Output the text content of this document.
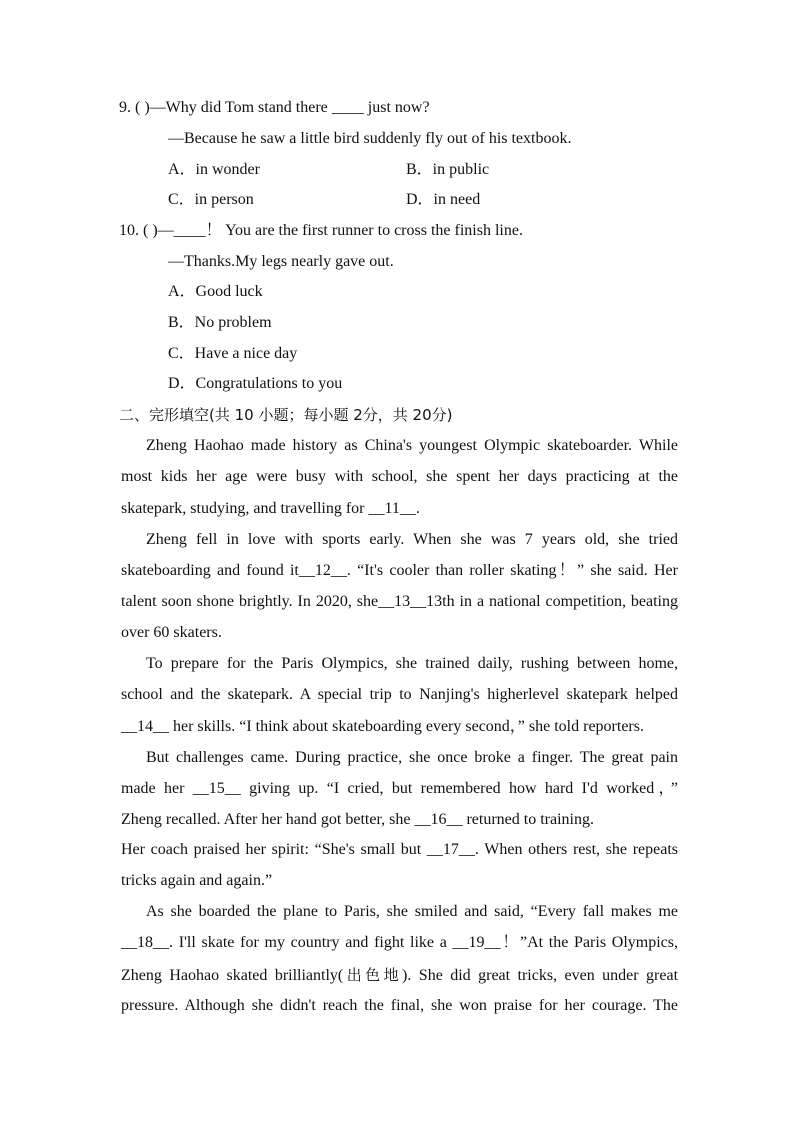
9. ( )—Why did Tom stand there ____ just now?
—Because he saw a little bird suddenly fly out of his textbook.
A．in wonder	B．in public
C．in person	D．in need
10. ( )—____！ You are the first runner to cross the finish line.
—Thanks.My legs nearly gave out.
A．Good luck
B．No problem
C．Have a nice day
D．Congratulations to you
二、完形填空(共 10 小题；每小题 2分，共 20分)
Zheng Haohao made history as China's youngest Olympic skateboarder. While
most kids her age were busy with school, she spent her days practicing at the
skatepark, studying, and travelling for __11__.
Zheng fell in love with sports early. When she was 7 years old, she tried
skateboarding and found it__12__. “It's cooler than roller skating！” she said. Her
talent soon shone brightly. In 2020, she__13__13th in a national competition, beating
over 60 skaters.
To prepare for the Paris Olympics, she trained daily, rushing between home,
school and the skatepark. A special trip to Nanjing's higherlevel skatepark helped
__14__ her skills. “I think about skateboarding every second，” she told reporters.
But challenges came. During practice, she once broke a finger. The great pain
made her __15__ giving up. “I cried, but remembered how hard I'd worked，”
Zheng recalled. After her hand got better, she __16__ returned to training.
Her coach praised her spirit: “She's small but __17__. When others rest, she repeats
tricks again and again.”
As she boarded the plane to Paris, she smiled and said, “Every fall makes me
__18__. I'll skate for my country and fight like a __19__！”At the Paris Olympics,
Zheng Haohao skated brilliantly(出色地). She did great tricks, even under great
pressure. Although she didn't reach the final, she won praise for her courage. The
